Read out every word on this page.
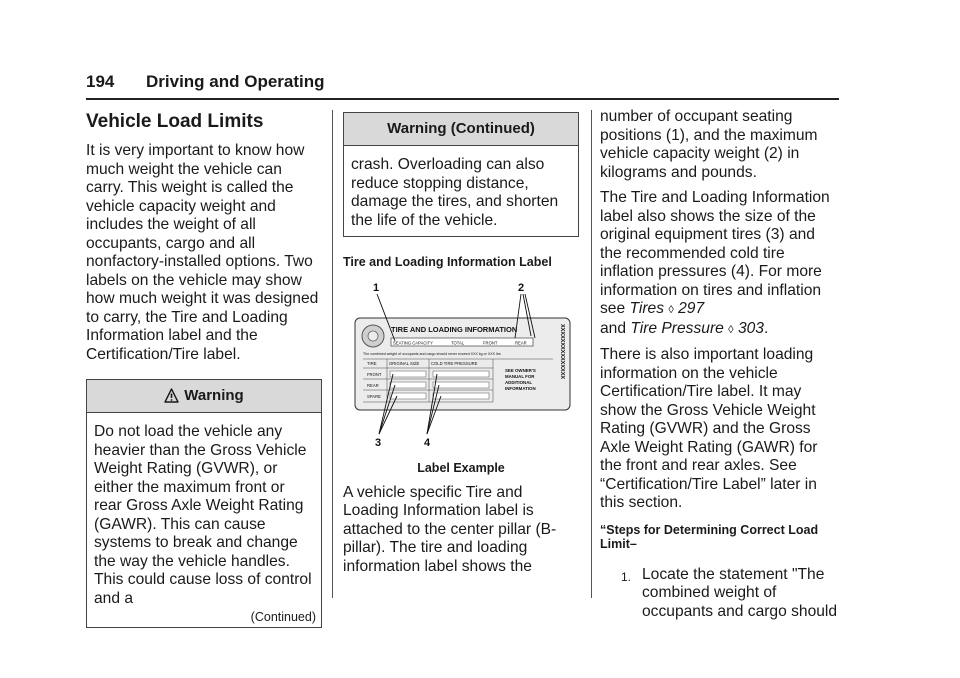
194 Driving and Operating
Vehicle Load Limits

It is very important to know how much weight the vehicle can carry. This weight is called the vehicle capacity weight and includes the weight of all occupants, cargo and all nonfactory-installed options. Two labels on the vehicle may show how much weight it was designed to carry, the Tire and Loading Information label and the Certification/Tire label.

Warning
Do not load the vehicle any heavier than the Gross Vehicle Weight Rating (GVWR), or either the maximum front or rear Gross Axle Weight Rating (GAWR). This can cause systems to break and change the way the vehicle handles. This could cause loss of control and a
(Continued)
Warning (Continued)
crash. Overloading can also reduce stopping distance, damage the tires, and shorten the life of the vehicle.

Tire and Loading Information Label

TIRE AND LOADING INFORMATION
SEATING CAPACITY	TOTAL	FRONT	REAR
The combined weight of occupants and cargo should never exceed XXX kg or XXX lbs
TIRE	ORIGINAL SIZE	COLD TIRE PRESSURE
FRONT
REAR
SPARE
SEE OWNER'S
MANUAL FOR
ADDITIONAL
INFORMATION
XXXXXXXXXXXXXXX
1	2
3	4
Label Example

A vehicle specific Tire and Loading Information label is attached to the center pillar (B-pillar). The tire and loading information label shows the

number of occupant seating positions (1), and the maximum vehicle capacity weight (2) in kilograms and pounds.

The Tire and Loading Information label also shows the size of the original equipment tires (3) and the recommended cold tire inflation pressures (4). For more information on tires and inflation see Tires ◊ 297
and Tire Pressure ◊ 303.

There is also important loading information on the vehicle Certification/Tire label. It may show the Gross Vehicle Weight Rating (GVWR) and the Gross Axle Weight Rating (GAWR) for the front and rear axles. See “Certification/Tire Label” later in this section.

“Steps for Determining Correct Load Limit–

1. Locate the statement "The combined weight of occupants and cargo should
